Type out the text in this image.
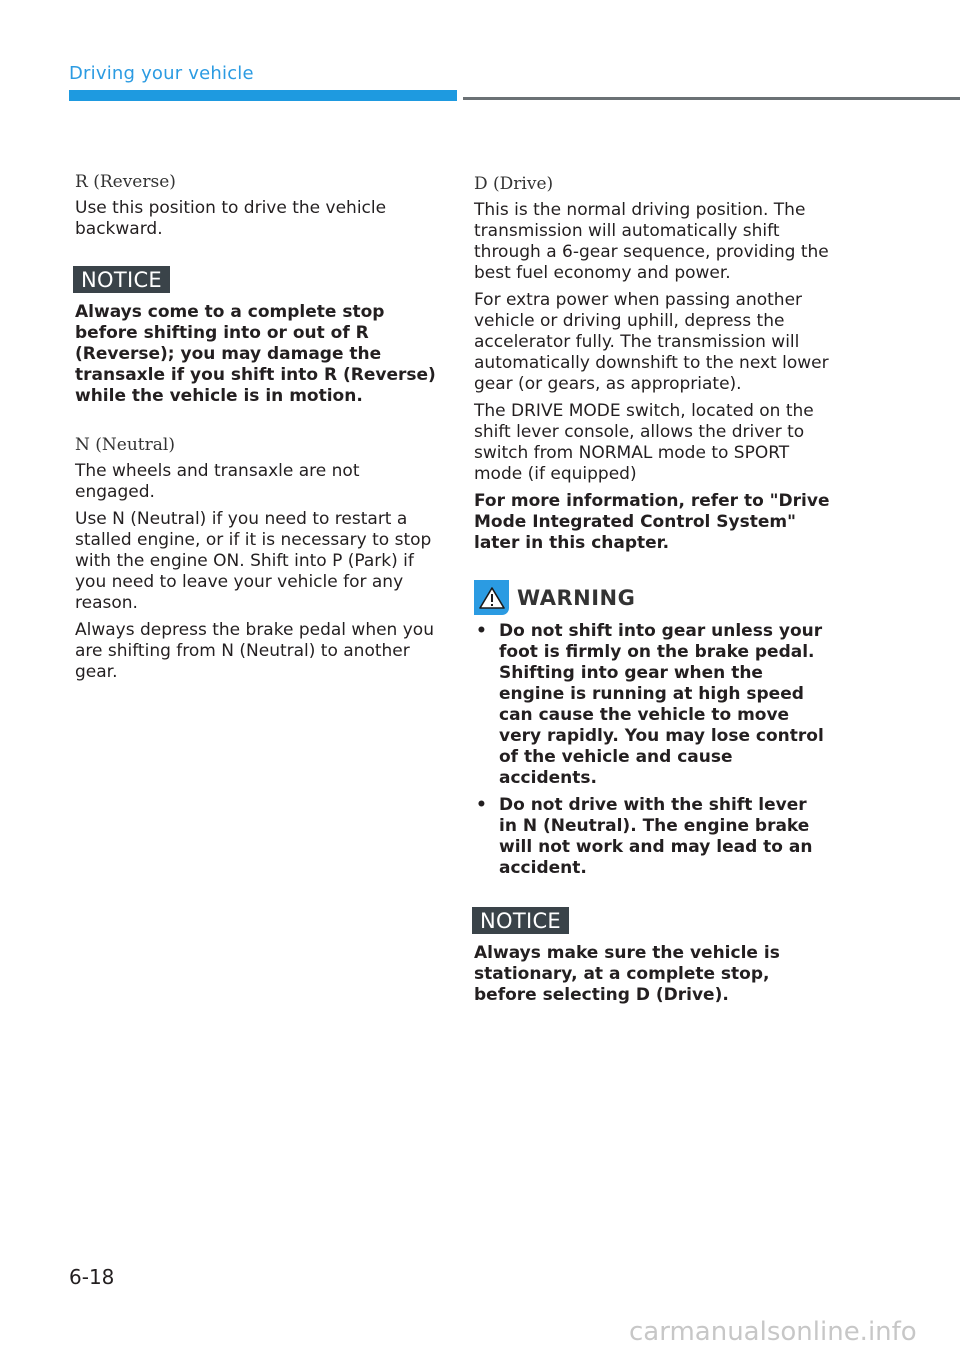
Driving your vehicle
R (Reverse)

Use this position to drive the vehicle backward.

NOTICE

Always come to a complete stop before shifting into or out of R (Reverse); you may damage the transaxle if you shift into R (Reverse) while the vehicle is in motion.

N (Neutral)

The wheels and transaxle are not engaged.

Use N (Neutral) if you need to restart a stalled engine, or if it is necessary to stop with the engine ON. Shift into P (Park) if you need to leave your vehicle for any reason.

Always depress the brake pedal when you are shifting from N (Neutral) to another gear.

D (Drive)

This is the normal driving position. The transmission will automatically shift through a 6-gear sequence, providing the best fuel economy and power.

For extra power when passing another vehicle or driving uphill, depress the accelerator fully. The transmission will automatically downshift to the next lower gear (or gears, as appropriate).

The DRIVE MODE switch, located on the shift lever console, allows the driver to switch from NORMAL mode to SPORT mode (if equipped)

For more information, refer to "Drive Mode Integrated Control System" later in this chapter.

WARNING
• Do not shift into gear unless your foot is firmly on the brake pedal. Shifting into gear when the engine is running at high speed can cause the vehicle to move very rapidly. You may lose control of the vehicle and cause accidents.
• Do not drive with the shift lever in N (Neutral). The engine brake will not work and may lead to an accident.
NOTICE

Always make sure the vehicle is stationary, at a complete stop, before selecting D (Drive).

6-18
carmanualsonline.info
